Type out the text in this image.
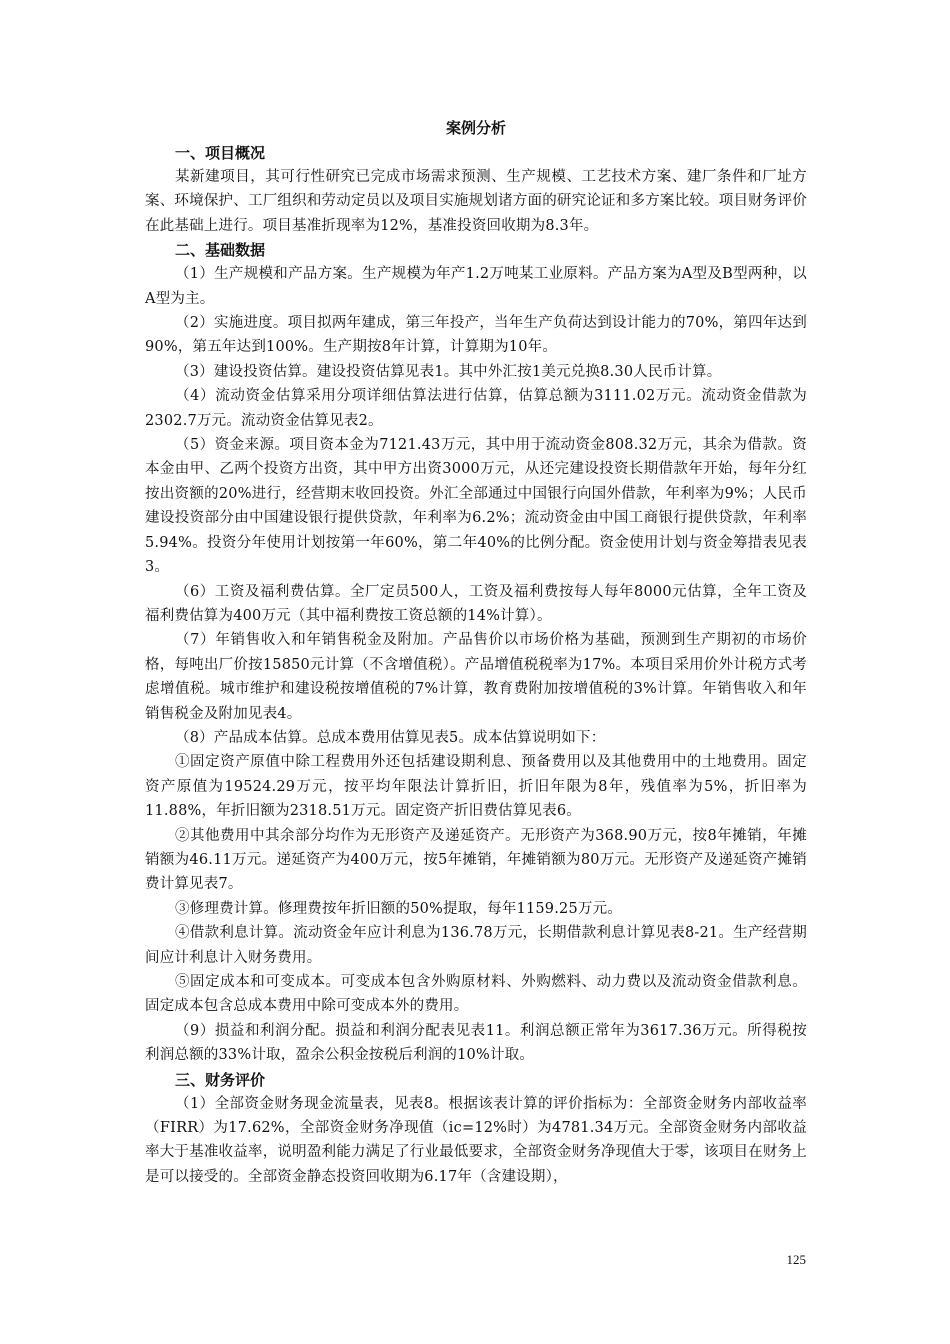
案例分析
一、项目概况

某新建项目，其可行性研究已完成市场需求预测、生产规模、工艺技术方案、建厂条件和厂址方案、环境保护、工厂组织和劳动定员以及项目实施规划诸方面的研究论证和多方案比较。项目财务评价在此基础上进行。项目基准折现率为12%，基准投资回收期为8.3年。

二、基础数据

（1）生产规模和产品方案。生产规模为年产1.2万吨某工业原料。产品方案为A型及B型两种，以A型为主。

（2）实施进度。项目拟两年建成，第三年投产，当年生产负荷达到设计能力的70%，第四年达到90%，第五年达到100%。生产期按8年计算，计算期为10年。

（3）建设投资估算。建设投资估算见表1。其中外汇按1美元兑换8.30人民币计算。

（4）流动资金估算采用分项详细估算法进行估算，估算总额为3111.02万元。流动资金借款为2302.7万元。流动资金估算见表2。

（5）资金来源。项目资本金为7121.43万元，其中用于流动资金808.32万元，其余为借款。资本金由甲、乙两个投资方出资，其中甲方出资3000万元，从还完建设投资长期借款年开始，每年分红按出资额的20%进行，经营期末收回投资。外汇全部通过中国银行向国外借款，年利率为9%；人民币建设投资部分由中国建设银行提供贷款，年利率为6.2%；流动资金由中国工商银行提供贷款，年利率5.94%。投资分年使用计划按第一年60%，第二年40%的比例分配。资金使用计划与资金筹措表见表3。

（6）工资及福利费估算。全厂定员500人，工资及福利费按每人每年8000元估算，全年工资及福利费估算为400万元（其中福利费按工资总额的14%计算）。

（7）年销售收入和年销售税金及附加。产品售价以市场价格为基础，预测到生产期初的市场价格，每吨出厂价按15850元计算（不含增值税）。产品增值税税率为17%。本项目采用价外计税方式考虑增值税。城市维护和建设税按增值税的7%计算，教育费附加按增值税的3%计算。年销售收入和年销售税金及附加见表4。

（8）产品成本估算。总成本费用估算见表5。成本估算说明如下：

①固定资产原值中除工程费用外还包括建设期利息、预备费用以及其他费用中的土地费用。固定资产原值为19524.29万元，按平均年限法计算折旧，折旧年限为8年，残值率为5%，折旧率为11.88%，年折旧额为2318.51万元。固定资产折旧费估算见表6。

②其他费用中其余部分均作为无形资产及递延资产。无形资产为368.90万元，按8年摊销，年摊销额为46.11万元。递延资产为400万元，按5年摊销，年摊销额为80万元。无形资产及递延资产摊销费计算见表7。

③修理费计算。修理费按年折旧额的50%提取，每年1159.25万元。

④借款利息计算。流动资金年应计利息为136.78万元，长期借款利息计算见表8-21。生产经营期间应计利息计入财务费用。

⑤固定成本和可变成本。可变成本包含外购原材料、外购燃料、动力费以及流动资金借款利息。固定成本包含总成本费用中除可变成本外的费用。

（9）损益和利润分配。损益和利润分配表见表11。利润总额正常年为3617.36万元。所得税按利润总额的33%计取，盈余公积金按税后利润的10%计取。

三、财务评价

（1）全部资金财务现金流量表，见表8。根据该表计算的评价指标为：全部资金财务内部收益率（FIRR）为17.62%，全部资金财务净现值（ic=12%时）为4781.34万元。全部资金财务内部收益率大于基准收益率，说明盈利能力满足了行业最低要求，全部资金财务净现值大于零，该项目在财务上是可以接受的。全部资金静态投资回收期为6.17年（含建设期），

125
